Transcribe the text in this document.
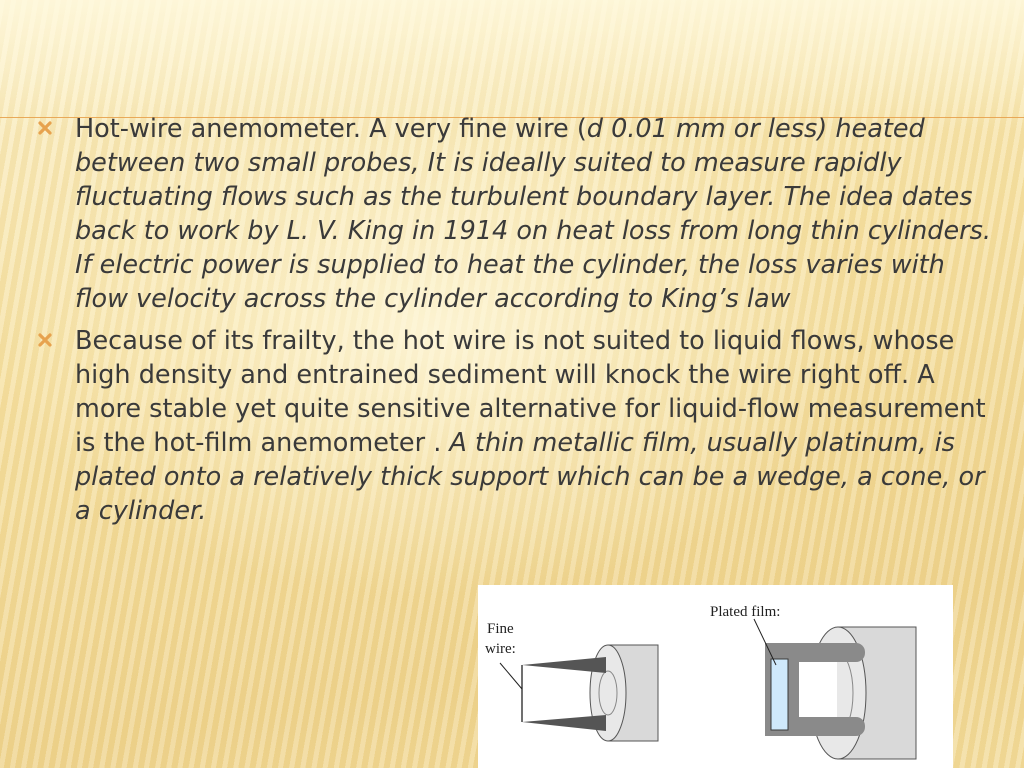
Hot-wire anemometer. A very fine wire (d 0.01 mm or less) heated between two small probes, It is ideally suited to measure rapidly fluctuating flows such as the turbulent boundary layer. The idea dates back to work by L. V. King in 1914 on heat loss from long thin cylinders. If electric power is supplied to heat the cylinder, the loss varies with flow velocity across the cylinder according to King’s law
Because of its frailty, the hot wire is not suited to liquid flows, whose high density and entrained sediment will knock the wire right off. A more stable yet quite sensitive alternative for liquid-flow measurement is the hot-film anemometer . A thin metallic film, usually platinum, is plated onto a relatively thick support which can be a wedge, a cone, or a cylinder.
Fine
wire:
Plated film:
